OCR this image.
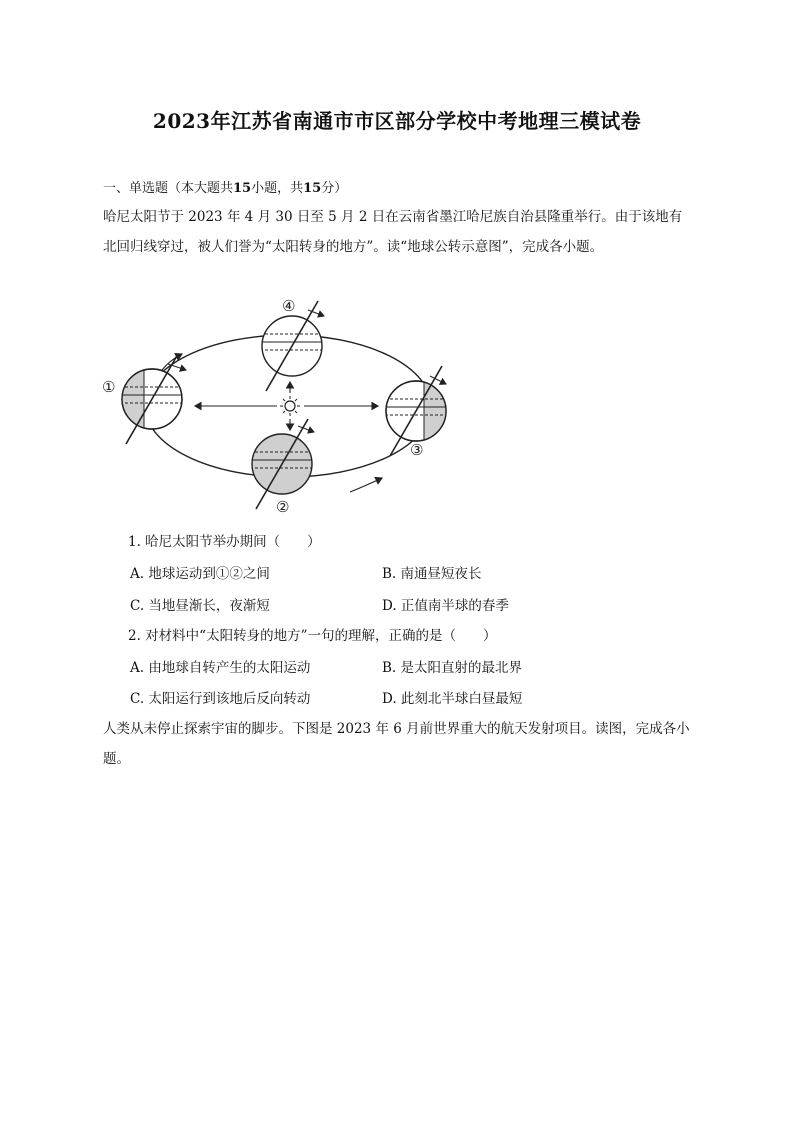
2023年江苏省南通市市区部分学校中考地理三模试卷
一、单选题（本大题共15小题，共15分）
哈尼太阳节于 2023 年 4 月 30 日至 5 月 2 日在云南省墨江哈尼族自治县隆重举行。由于该地有北回归线穿过，被人们誉为“太阳转身的地方”。读“地球公转示意图”，完成各小题。
①
②
③
④
1. 哈尼太阳节举办期间（　　）
A. 地球运动到①②之间	B. 南通昼短夜长
C. 当地昼渐长，夜渐短	D. 正值南半球的春季
2. 对材料中“太阳转身的地方”一句的理解，正确的是（　　）
A. 由地球自转产生的太阳运动	B. 是太阳直射的最北界
C. 太阳运行到该地后反向转动	D. 此刻北半球白昼最短
人类从未停止探索宇宙的脚步。下图是 2023 年 6 月前世界重大的航天发射项目。读图，完成各小题。
